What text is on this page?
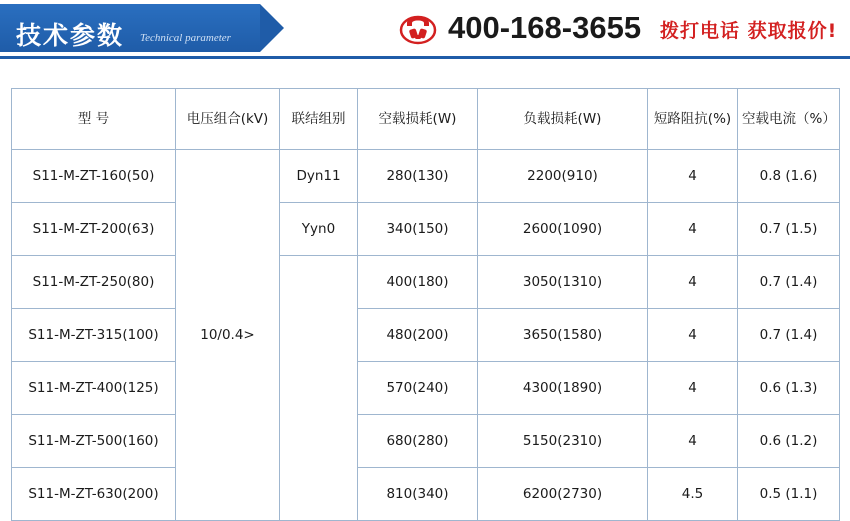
技术参数 Technical parameter	400-168-3655 拨打电话 获取报价!
型 号	电压组合(kV)	联结组别	空载损耗(W)	负载损耗(W)	短路阻抗(%)	空载电流（%）
S11-M-ZT-160(50)	10/0.4>	Dyn11	280(130)	2200(910)	4	0.8 (1.6)
S11-M-ZT-200(63)		Yyn0	340(150)	2600(1090)	4	0.7 (1.5)
S11-M-ZT-250(80)			400(180)	3050(1310)	4	0.7 (1.4)
S11-M-ZT-315(100)			480(200)	3650(1580)	4	0.7 (1.4)
S11-M-ZT-400(125)			570(240)	4300(1890)	4	0.6 (1.3)
S11-M-ZT-500(160)			680(280)	5150(2310)	4	0.6 (1.2)
S11-M-ZT-630(200)			810(340)	6200(2730)	4.5	0.5 (1.1)
